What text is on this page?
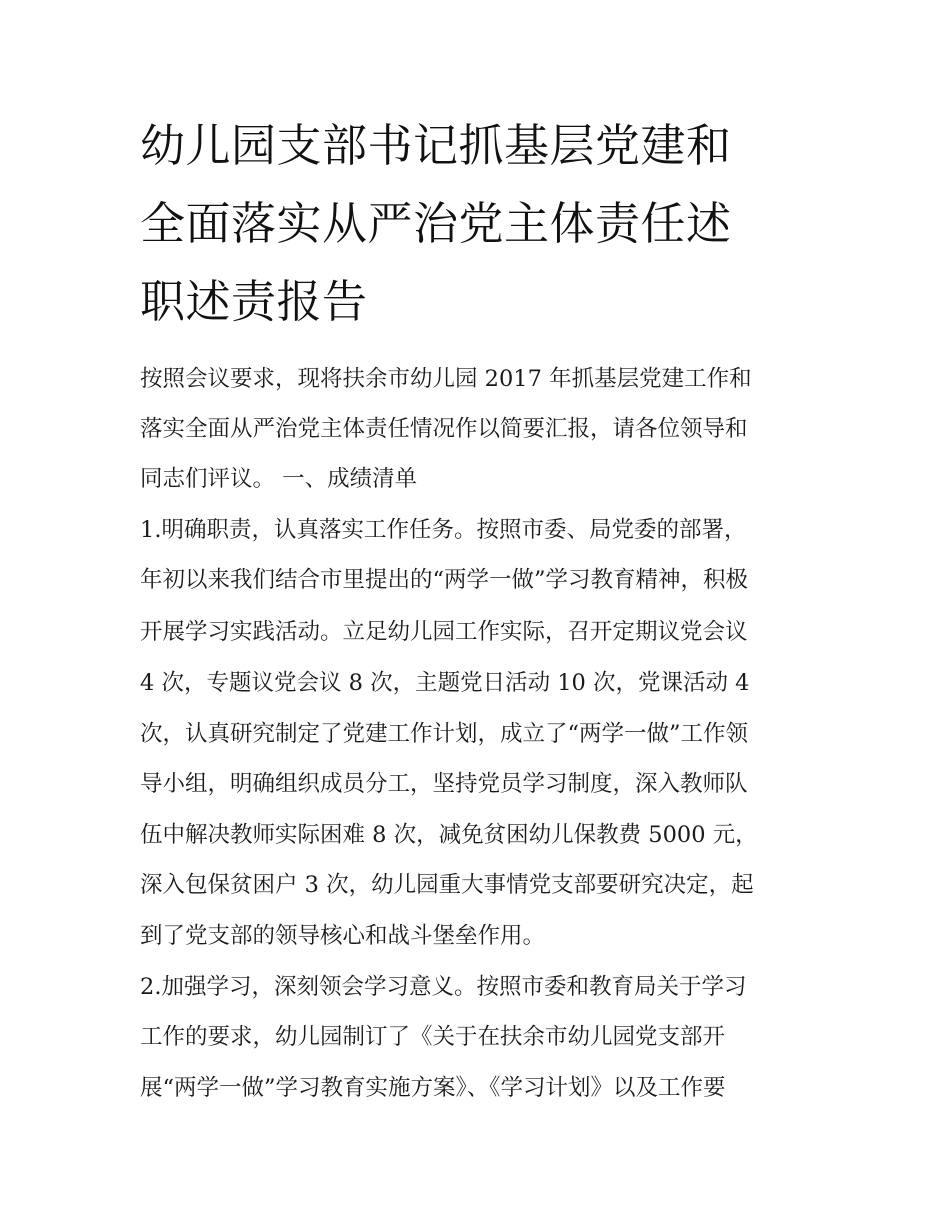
幼儿园支部书记抓基层党建和
全面落实从严治党主体责任述
职述责报告
按照会议要求，现将扶余市幼儿园 2017 年抓基层党建工作和
落实全面从严治党主体责任情况作以简要汇报，请各位领导和
同志们评议。 一、成绩清单
1.明确职责，认真落实工作任务。按照市委、局党委的部署，
年初以来我们结合市里提出的“两学一做”学习教育精神，积极
开展学习实践活动。立足幼儿园工作实际，召开定期议党会议
4 次，专题议党会议 8 次，主题党日活动 10 次，党课活动 4
次，认真研究制定了党建工作计划，成立了“两学一做”工作领
导小组，明确组织成员分工，坚持党员学习制度，深入教师队
伍中解决教师实际困难 8 次，减免贫困幼儿保教费 5000 元，
深入包保贫困户 3 次，幼儿园重大事情党支部要研究决定，起
到了党支部的领导核心和战斗堡垒作用。
2.加强学习，深刻领会学习意义。按照市委和教育局关于学习
工作的要求，幼儿园制订了《关于在扶余市幼儿园党支部开
展“两学一做”学习教育实施方案》、《学习计划》以及工作要
